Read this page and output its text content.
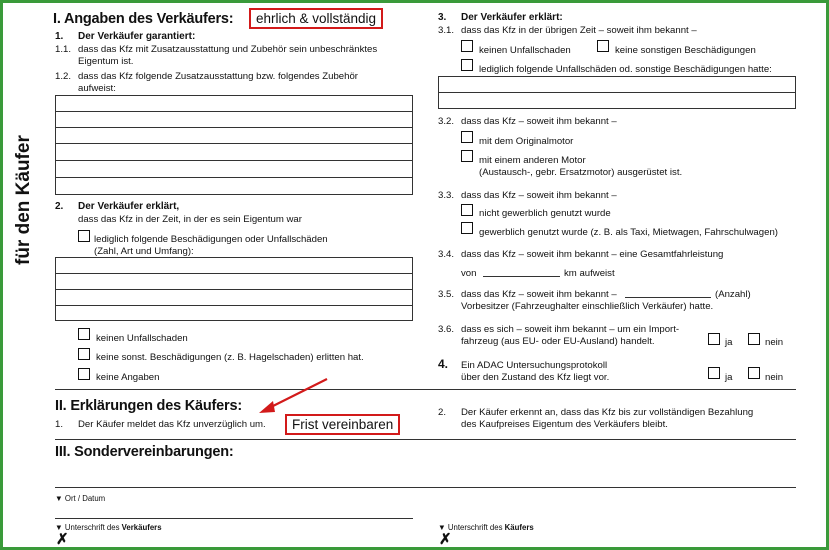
für den Käufer
I. Angaben des Verkäufers:	ehrlich & vollständig
1. Der Verkäufer garantiert:
1.1. dass das Kfz mit Zusatzausstattung und Zubehör sein unbeschränktes
Eigentum ist.
1.2. dass das Kfz folgende Zusatzausstattung bzw. folgendes Zubehör
aufweist:
2. Der Verkäufer erklärt,
dass das Kfz in der Zeit, in der es sein Eigentum war
lediglich folgende Beschädigungen oder Unfallschäden
(Zahl, Art und Umfang):
keinen Unfallschaden
keine sonst. Beschädigungen (z. B. Hagelschaden) erlitten hat.
keine Angaben
3. Der Verkäufer erklärt:
3.1. dass das Kfz in der übrigen Zeit – soweit ihm bekannt –
keinen Unfallschaden	keine sonstigen Beschädigungen
lediglich folgende Unfallschäden od. sonstige Beschädigungen hatte:
3.2. dass das Kfz – soweit ihm bekannt –
mit dem Originalmotor
mit einem anderen Motor
(Austausch-, gebr. Ersatzmotor) ausgerüstet ist.
3.3. dass das Kfz – soweit ihm bekannt –
nicht gewerblich genutzt wurde
gewerblich genutzt wurde (z. B. als Taxi, Mietwagen, Fahrschulwagen)
3.4. dass das Kfz – soweit ihm bekannt – eine Gesamtfahrleistung
von	km aufweist
3.5. dass das Kfz – soweit ihm bekannt –	(Anzahl)
Vorbesitzer (Fahrzeughalter einschließlich Verkäufer) hatte.
3.6. dass es sich – soweit ihm bekannt – um ein Import-
fahrzeug (aus EU- oder EU-Ausland) handelt.	ja	nein
4. Ein ADAC Untersuchungsprotokoll
über den Zustand des Kfz liegt vor.	ja	nein
II. Erklärungen des Käufers:
1. Der Käufer meldet das Kfz unverzüglich um.	Frist vereinbaren
2. Der Käufer erkennt an, dass das Kfz bis zur vollständigen Bezahlung
des Kaufpreises Eigentum des Verkäufers bleibt.
III. Sondervereinbarungen:
▼ Ort / Datum
▼ Unterschrift des Verkäufers
✗
▼ Unterschrift des Käufers
✗
